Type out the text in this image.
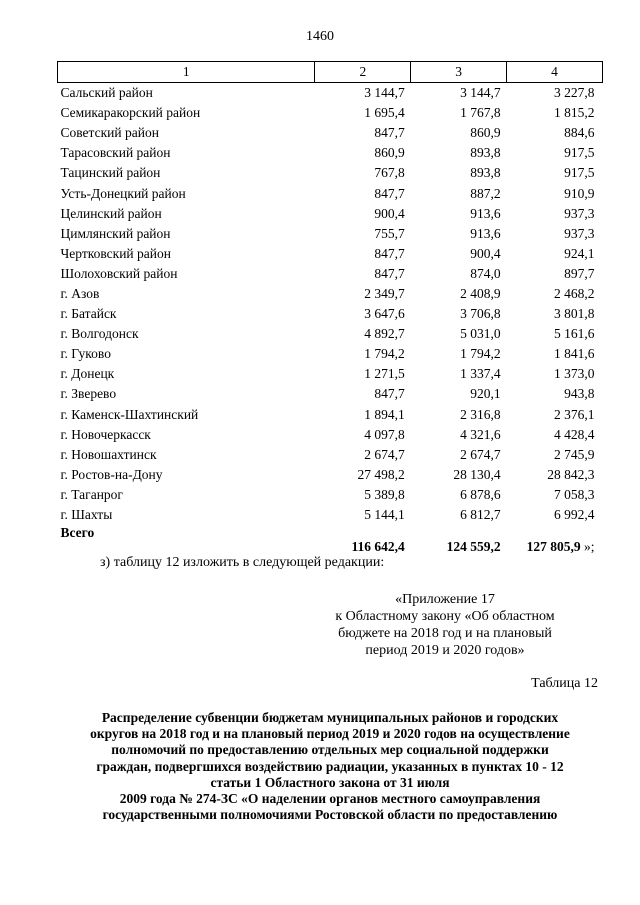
1460
1	2	3	4
Сальский район	3 144,7	3 144,7	3 227,8
Семикаракорский район	1 695,4	1 767,8	1 815,2
Советский район	847,7	860,9	884,6
Тарасовский район	860,9	893,8	917,5
Тацинский район	767,8	893,8	917,5
Усть-Донецкий район	847,7	887,2	910,9
Целинский район	900,4	913,6	937,3
Цимлянский район	755,7	913,6	937,3
Чертковский район	847,7	900,4	924,1
Шолоховский район	847,7	874,0	897,7
г. Азов	2 349,7	2 408,9	2 468,2
г. Батайск	3 647,6	3 706,8	3 801,8
г. Волгодонск	4 892,7	5 031,0	5 161,6
г. Гуково	1 794,2	1 794,2	1 841,6
г. Донецк	1 271,5	1 337,4	1 373,0
г. Зверево	847,7	920,1	943,8
г. Каменск-Шахтинский	1 894,1	2 316,8	2 376,1
г. Новочеркасск	4 097,8	4 321,6	4 428,4
г. Новошахтинск	2 674,7	2 674,7	2 745,9
г. Ростов-на-Дону	27 498,2	28 130,4	28 842,3
г. Таганрог	5 389,8	6 878,6	7 058,3
г. Шахты	5 144,1	6 812,7	6 992,4
Всего	116 642,4	124 559,2	127 805,9 »;
з) таблицу 12 изложить в следующей редакции:
«Приложение 17
к Областному закону «Об областном
бюджете на 2018 год и на плановый
период 2019 и 2020 годов»
Таблица 12
Распределение субвенции бюджетам муниципальных районов и городских
округов на 2018 год и на плановый период 2019 и 2020 годов на осуществление
полномочий по предоставлению отдельных мер социальной поддержки
граждан, подвергшихся воздействию радиации, указанных в пунктах 10 - 12
статьи 1 Областного закона от 31 июля
2009 года № 274-ЗС «О наделении органов местного самоуправления
государственными полномочиями Ростовской области по предоставлению
